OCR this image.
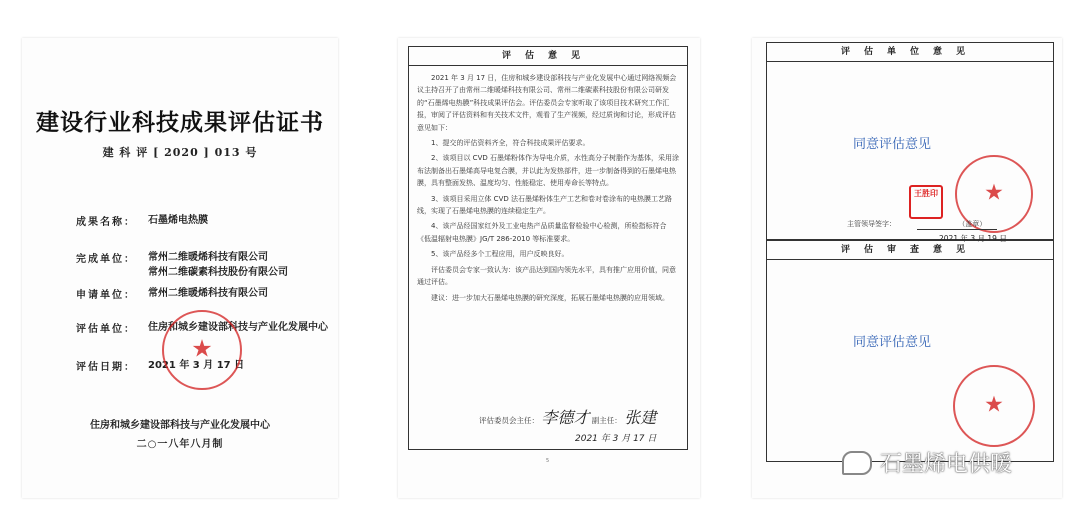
建设行业科技成果评估证书
建 科 评 [ 2020 ] 013 号
成果名称：	石墨烯电热膜
完成单位：	常州二维暖烯科技有限公司
常州二维碳素科技股份有限公司
申请单位：	常州二维暖烯科技有限公司
评估单位：	住房和城乡建设部科技与产业化发展中心
评估日期：	2021 年 3 月 17 日
★
住房和城乡建设部科技与产业化发展中心
二○一八年八月制
评估意见

2021 年 3 月 17 日，住房和城乡建设部科技与产业化发展中心通过网络视频会议主持召开了由常州二维暖烯科技有限公司、常州二维碳素科技股份有限公司研发的“石墨烯电热膜”科技成果评估会。评估委员会专家听取了该项目技术研究工作汇报，审阅了评估资料和有关技术文件，观看了生产视频，经过质询和讨论，形成评估意见如下：

1、提交的评估资料齐全，符合科技成果评估要求。

2、该项目以 CVD 石墨烯粉体作为导电介质，水性高分子树脂作为基体，采用涂布法制备出石墨烯高导电复合膜，并以此为发热部件，进一步制备得到的石墨烯电热膜，具有整面发热、温度均匀、性能稳定、使用寿命长等特点。

3、该项目采用立体 CVD 法石墨烯粉体生产工艺和卷对卷涂布的电热膜工艺路线，实现了石墨烯电热膜的连续稳定生产。

4、该产品经国家红外及工业电热产品质量监督检验中心检测，所检指标符合《低温辐射电热膜》JG/T 286-2010 等标准要求。

5、该产品经多个工程应用，用户反映良好。

评估委员会专家一致认为：该产品达到国内领先水平，具有推广应用价值，同意通过评估。

建议：进一步加大石墨烯电热膜的研究深度，拓展石墨烯电热膜的应用领域。

评估委员会主任： 李德才 副主任： 张建
2021 年 3 月 17 日
5
评估单位意见
同意评估意见
王胜印 ★
主管领导签字：	（盖章）
2021 年 3 月 19 日
评估审查意见
同意评估意见
★
石墨烯电供暖
